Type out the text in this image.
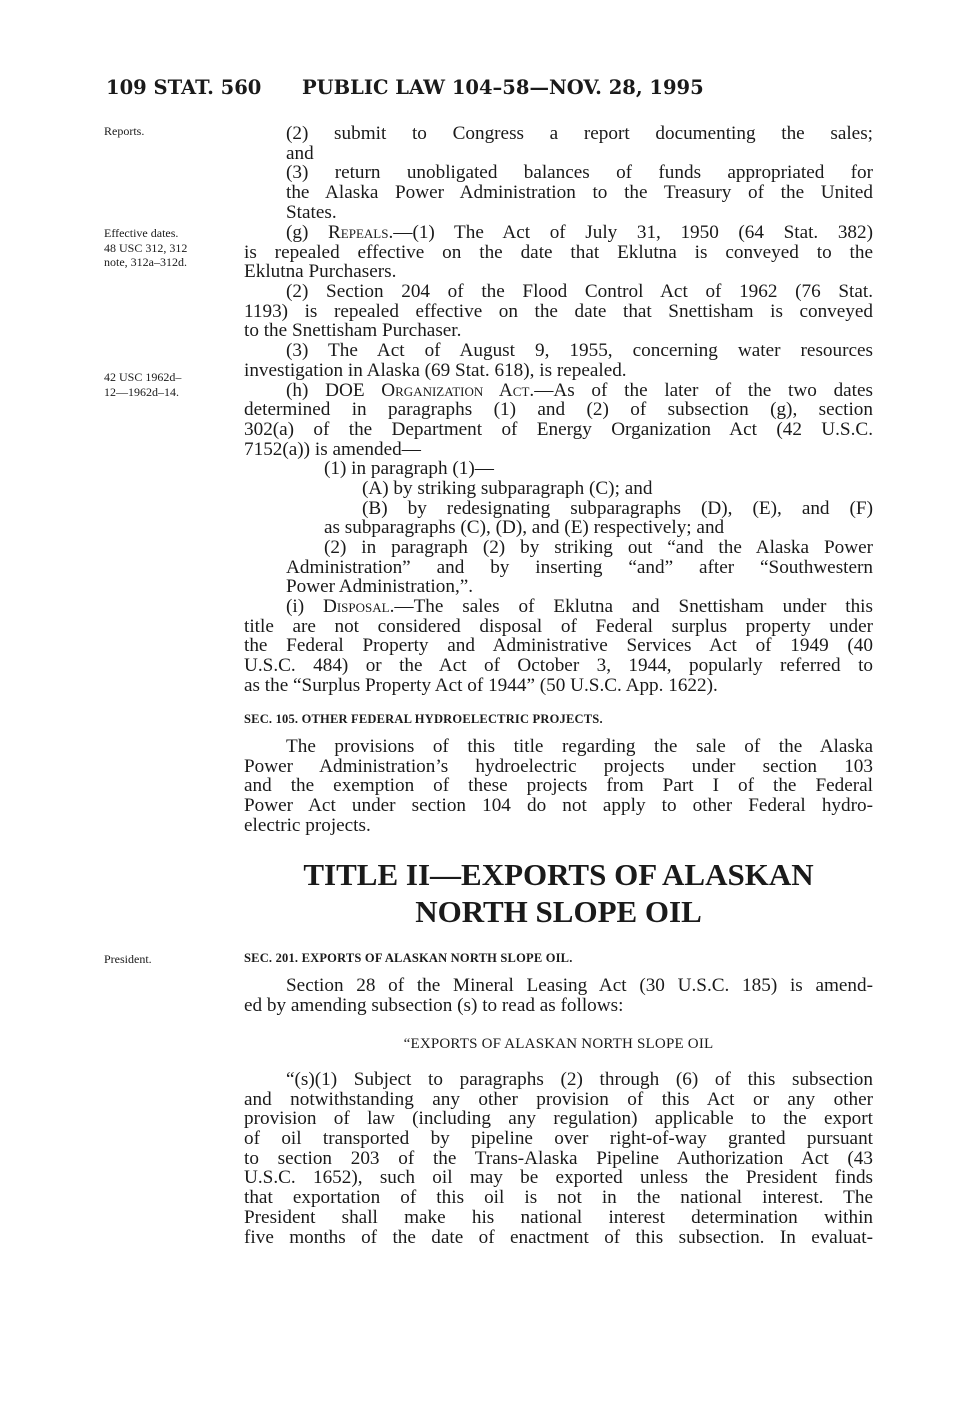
109 STAT. 560 PUBLIC LAW 104–58—NOV. 28, 1995
Reports.
Effective dates.
48 USC 312, 312
note, 312a–312d.
42 USC 1962d–
12—1962d–14.
President.
(2) submit to Congress a report documenting the sales;
and
(3) return unobligated balances of funds appropriated for
the Alaska Power Administration to the Treasury of the United
States.
(g) Repeals.—(1) The Act of July 31, 1950 (64 Stat. 382)
is repealed effective on the date that Eklutna is conveyed to the
Eklutna Purchasers.
(2) Section 204 of the Flood Control Act of 1962 (76 Stat.
1193) is repealed effective on the date that Snettisham is conveyed
to the Snettisham Purchaser.
(3) The Act of August 9, 1955, concerning water resources
investigation in Alaska (69 Stat. 618), is repealed.
(h) DOE Organization Act.—As of the later of the two dates
determined in paragraphs (1) and (2) of subsection (g), section
302(a) of the Department of Energy Organization Act (42 U.S.C.
7152(a)) is amended—
(1) in paragraph (1)—
(A) by striking subparagraph (C); and
(B) by redesignating subparagraphs (D), (E), and (F)
as subparagraphs (C), (D), and (E) respectively; and
(2) in paragraph (2) by striking out “and the Alaska Power
Administration” and by inserting “and” after “Southwestern
Power Administration,”.
(i) Disposal.—The sales of Eklutna and Snettisham under this
title are not considered disposal of Federal surplus property under
the Federal Property and Administrative Services Act of 1949 (40
U.S.C. 484) or the Act of October 3, 1944, popularly referred to
as the “Surplus Property Act of 1944” (50 U.S.C. App. 1622).
SEC. 105. OTHER FEDERAL HYDROELECTRIC PROJECTS.
The provisions of this title regarding the sale of the Alaska
Power Administration’s hydroelectric projects under section 103
and the exemption of these projects from Part I of the Federal
Power Act under section 104 do not apply to other Federal hydro-
electric projects.
TITLE II—EXPORTS OF ALASKAN
NORTH SLOPE OIL
SEC. 201. EXPORTS OF ALASKAN NORTH SLOPE OIL.
Section 28 of the Mineral Leasing Act (30 U.S.C. 185) is amend-
ed by amending subsection (s) to read as follows:
“EXPORTS OF ALASKAN NORTH SLOPE OIL
“(s)(1) Subject to paragraphs (2) through (6) of this subsection
and notwithstanding any other provision of this Act or any other
provision of law (including any regulation) applicable to the export
of oil transported by pipeline over right-of-way granted pursuant
to section 203 of the Trans-Alaska Pipeline Authorization Act (43
U.S.C. 1652), such oil may be exported unless the President finds
that exportation of this oil is not in the national interest. The
President shall make his national interest determination within
five months of the date of enactment of this subsection. In evaluat-
